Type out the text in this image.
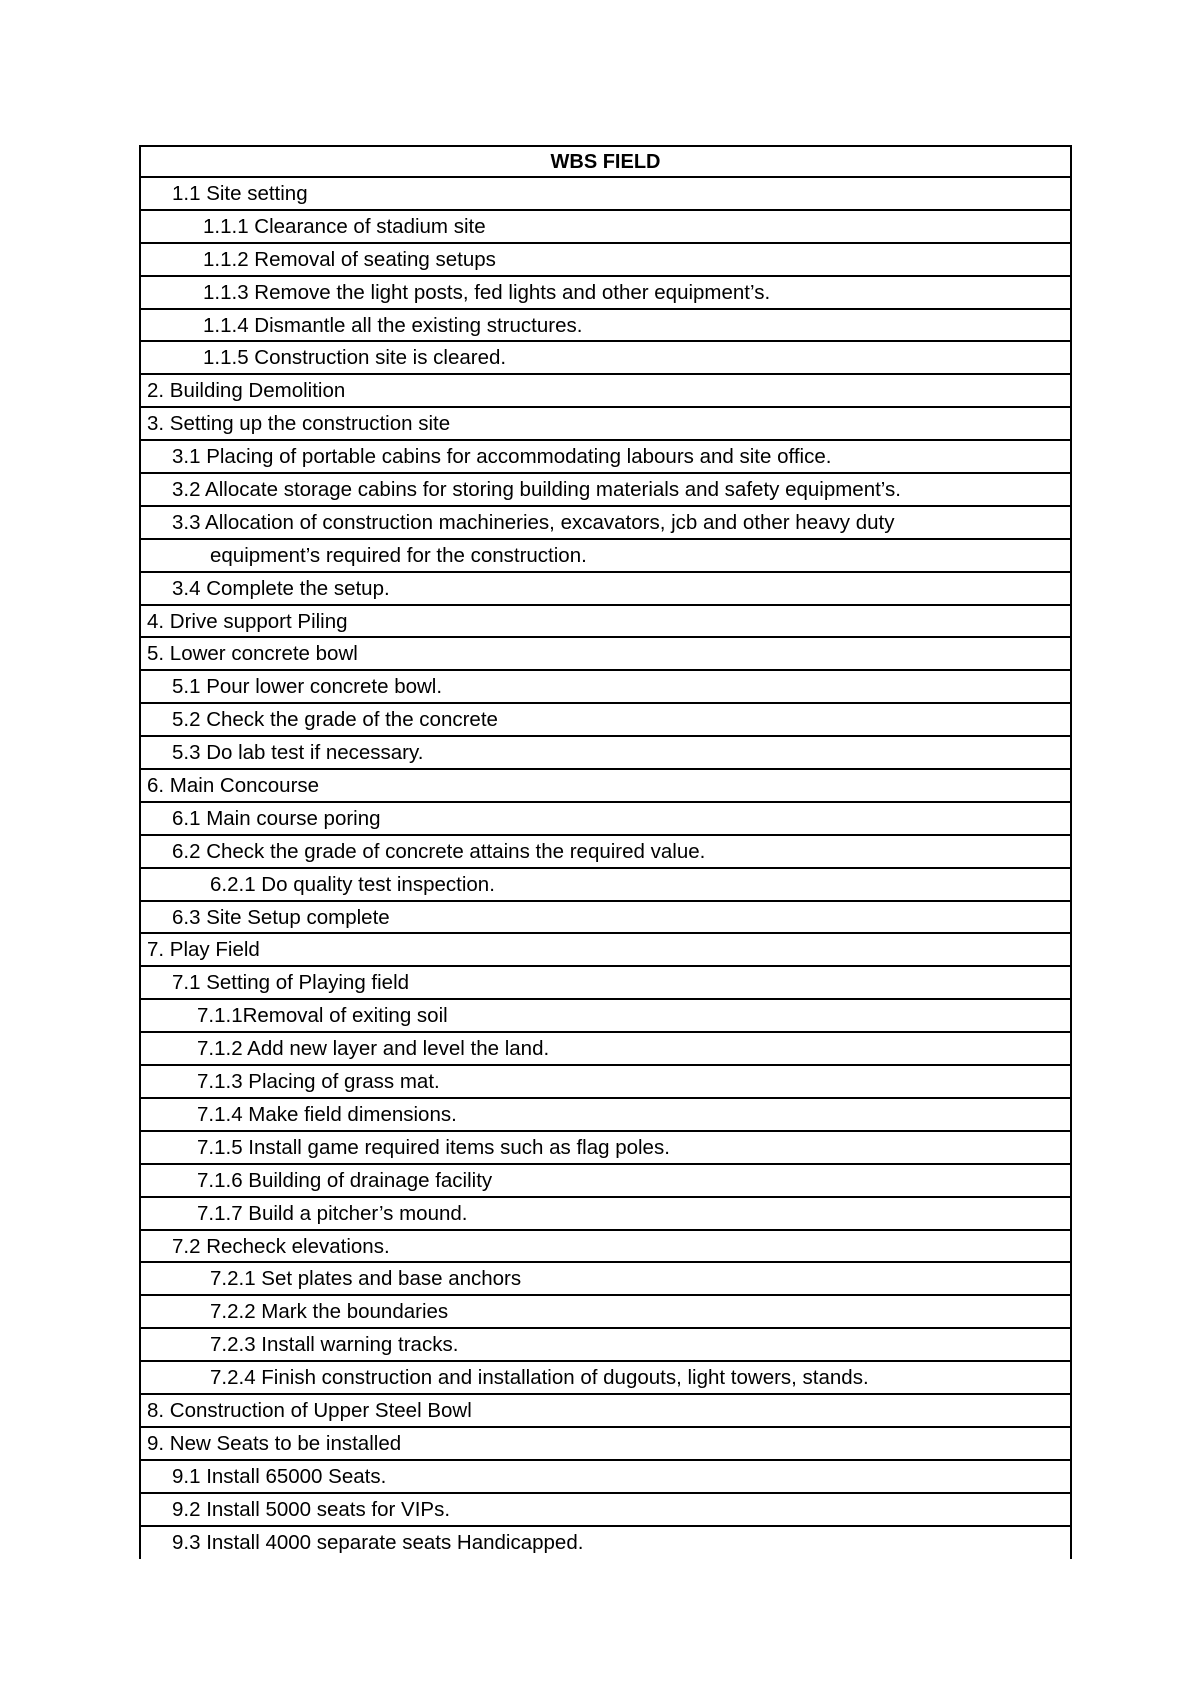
WBS FIELD
1.1 Site setting
1.1.1 Clearance of stadium site
1.1.2 Removal of seating setups
1.1.3 Remove the light posts, fed lights and other equipment’s.
1.1.4 Dismantle all the existing structures.
1.1.5 Construction site is cleared.
2. Building Demolition
3. Setting up the construction site
3.1 Placing of portable cabins for accommodating labours and site office.
3.2 Allocate storage cabins for storing building materials and safety equipment’s.
3.3 Allocation of construction machineries, excavators, jcb and other heavy duty
equipment’s required for the construction.
3.4 Complete the setup.
4. Drive support Piling
5. Lower concrete bowl
5.1 Pour lower concrete bowl.
5.2 Check the grade of the concrete
5.3 Do lab test if necessary.
6. Main Concourse
6.1 Main course poring
6.2 Check the grade of concrete attains the required value.
6.2.1 Do quality test inspection.
6.3 Site Setup complete
7. Play Field
7.1 Setting of Playing field
7.1.1Removal of exiting soil
7.1.2 Add new layer and level the land.
7.1.3 Placing of grass mat.
7.1.4 Make field dimensions.
7.1.5 Install game required items such as flag poles.
7.1.6 Building of drainage facility
7.1.7 Build a pitcher’s mound.
7.2 Recheck elevations.
7.2.1 Set plates and base anchors
7.2.2 Mark the boundaries
7.2.3 Install warning tracks.
7.2.4 Finish construction and installation of dugouts, light towers, stands.
8. Construction of Upper Steel Bowl
9. New Seats to be installed
9.1 Install 65000 Seats.
9.2 Install 5000 seats for VIPs.
9.3 Install 4000 separate seats Handicapped.
